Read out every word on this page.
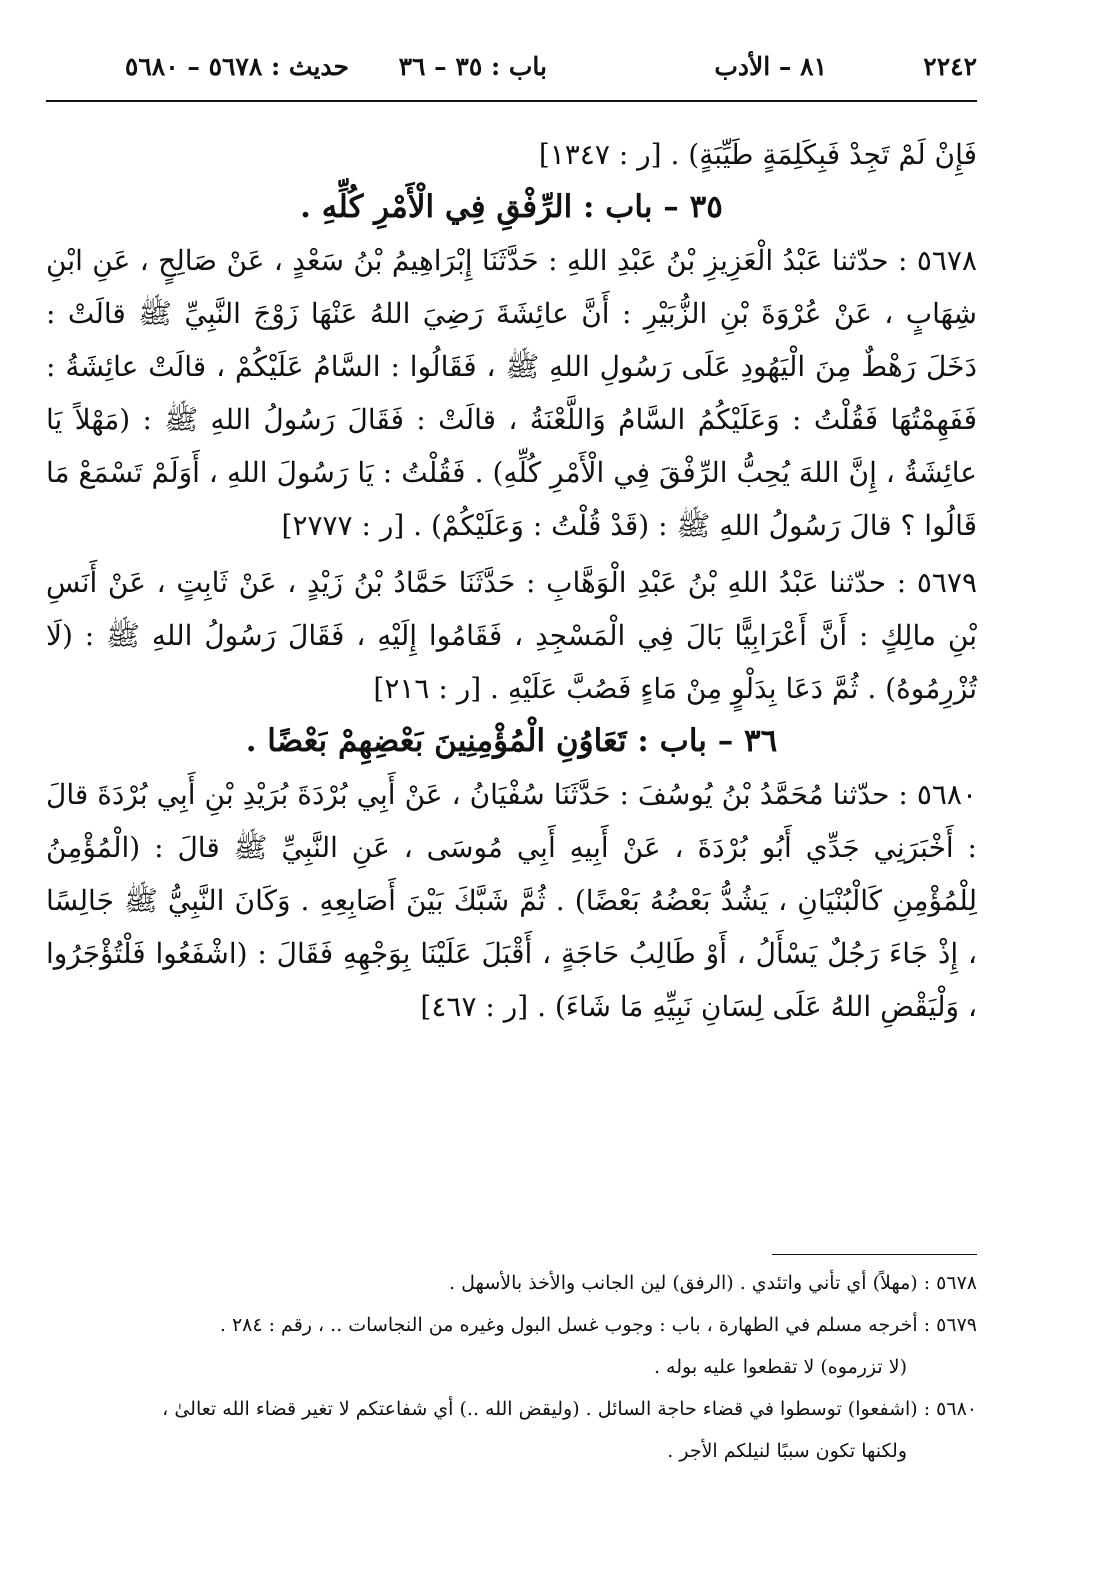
٢٢٤٢
٨١ – الأدب
باب : ٣٥ – ٣٦
حديث : ٥٦٧٨ – ٥٦٨٠

فَإِنْ لَمْ تَجِدْ فَبِكَلِمَةٍ طَيِّبَةٍ) . [ر : ١٣٤٧]

٣٥ – باب : الرِّفْقِ فِي الْأَمْرِ كُلِّهِ .

٥٦٧٨ : حدّثنا عَبْدُ الْعَزِيزِ بْنُ عَبْدِ اللهِ : حَدَّثَنَا إِبْرَاهِيمُ بْنُ سَعْدٍ ، عَنْ صَالِحٍ ، عَنِ ابْنِ شِهَابٍ ، عَنْ عُرْوَةَ بْنِ الزُّبَيْرِ : أَنَّ عائِشَةَ رَضِيَ اللهُ عَنْهَا زَوْجَ النَّبِيِّ ﷺ قالَتْ : دَخَلَ رَهْطٌ مِنَ الْيَهُودِ عَلَى رَسُولِ اللهِ ﷺ ، فَقَالُوا : السَّامُ عَلَيْكُمْ ، قالَتْ عائِشَةُ : فَفَهِمْتُهَا فَقُلْتُ : وَعَلَيْكُمُ السَّامُ وَاللَّعْنَةُ ، قالَتْ : فَقَالَ رَسُولُ اللهِ ﷺ : (مَهْلاً يَا عائِشَةُ ، إِنَّ اللهَ يُحِبُّ الرِّفْقَ فِي الْأَمْرِ كُلِّهِ) . فَقُلْتُ : يَا رَسُولَ اللهِ ، أَوَلَمْ تَسْمَعْ مَا قَالُوا ؟ قالَ رَسُولُ اللهِ ﷺ : (قَدْ قُلْتُ : وَعَلَيْكُمْ) . [ر : ٢٧٧٧]

٥٦٧٩ : حدّثنا عَبْدُ اللهِ بْنُ عَبْدِ الْوَهَّابِ : حَدَّثَنَا حَمَّادُ بْنُ زَيْدٍ ، عَنْ ثَابِتٍ ، عَنْ أَنَسِ بْنِ مالِكٍ : أَنَّ أَعْرَابِيًّا بَالَ فِي الْمَسْجِدِ ، فَقَامُوا إِلَيْهِ ، فَقَالَ رَسُولُ اللهِ ﷺ : (لَا تُزْرِمُوهُ) . ثُمَّ دَعَا بِدَلْوٍ مِنْ مَاءٍ فَصُبَّ عَلَيْهِ . [ر : ٢١٦]

٣٦ – باب : تَعَاوُنِ الْمُؤْمِنِينَ بَعْضِهِمْ بَعْضًا .

٥٦٨٠ : حدّثنا مُحَمَّدُ بْنُ يُوسُفَ : حَدَّثَنَا سُفْيَانُ ، عَنْ أَبِي بُرْدَةَ بُرَيْدِ بْنِ أَبِي بُرْدَةَ قالَ : أَخْبَرَنِي جَدِّي أَبُو بُرْدَةَ ، عَنْ أَبِيهِ أَبِي مُوسَى ، عَنِ النَّبِيِّ ﷺ قالَ : (الْمُؤْمِنُ لِلْمُؤْمِنِ كَالْبُنْيَانِ ، يَشُدُّ بَعْضُهُ بَعْضًا) . ثُمَّ شَبَّكَ بَيْنَ أَصَابِعِهِ . وَكَانَ النَّبِيُّ ﷺ جَالِسًا ، إِذْ جَاءَ رَجُلٌ يَسْأَلُ ، أَوْ طَالِبُ حَاجَةٍ ، أَقْبَلَ عَلَيْنَا بِوَجْهِهِ فَقَالَ : (اشْفَعُوا فَلْتُؤْجَرُوا ، وَلْيَقْضِ اللهُ عَلَى لِسَانِ نَبِيِّهِ مَا شَاءَ) . [ر : ٤٦٧]

٥٦٧٨ : (مهلاً) أي تأني واتئدي . (الرفق) لين الجانب والأخذ بالأسهل .

٥٦٧٩ : أخرجه مسلم في الطهارة ، باب : وجوب غسل البول وغيره من النجاسات .. ، رقم : ٢٨٤ .

(لا تزرموه) لا تقطعوا عليه بوله .

٥٦٨٠ : (اشفعوا) توسطوا في قضاء حاجة السائل . (وليقض الله ..) أي شفاعتكم لا تغير قضاء الله تعالىٰ ،

ولكنها تكون سببًا لنيلكم الأجر .
